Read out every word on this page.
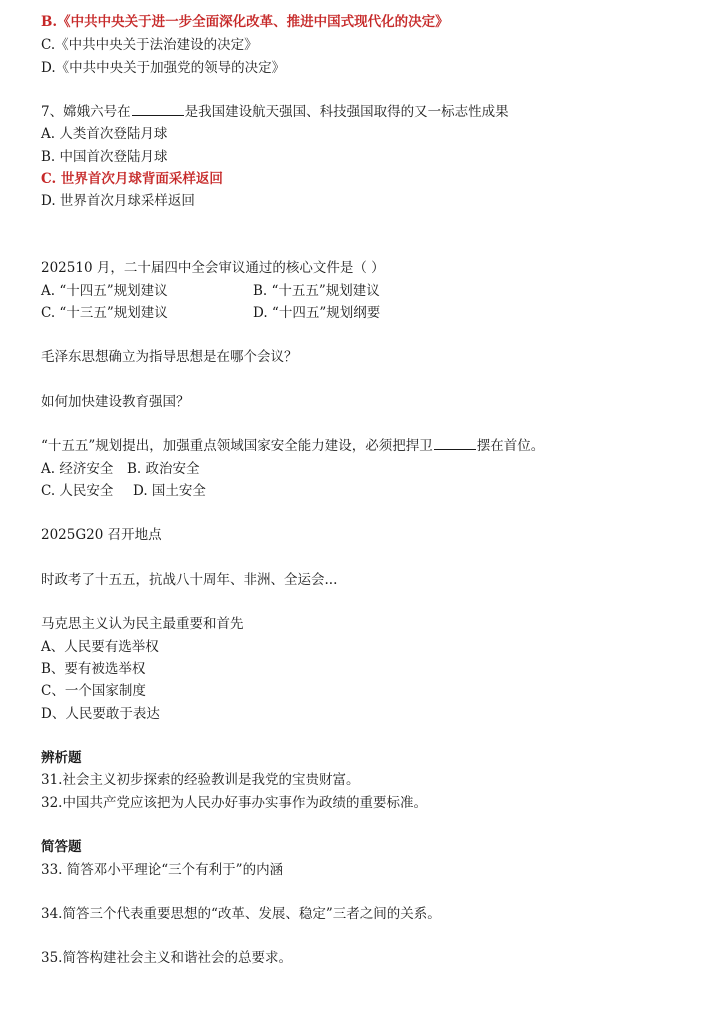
B.《中共中央关于进一步全面深化改革、推进中国式现代化的决定》
C.《中共中央关于法治建设的决定》
D.《中共中央关于加强党的领导的决定》
7、嫦娥六号在	是我国建设航天强国、科技强国取得的又一标志性成果
A. 人类首次登陆月球
B. 中国首次登陆月球
C. 世界首次月球背面采样返回
D. 世界首次月球采样返回
202510 月，二十届四中全会审议通过的核心文件是（ ）
A. “十四五”规划建议	B. “十五五”规划建议
C. “十三五”规划建议	D. “十四五”规划纲要
毛泽东思想确立为指导思想是在哪个会议？
如何加快建设教育强国？
“十五五”规划提出，加强重点领域国家安全能力建设，必须把捍卫	摆在首位。
A. 经济安全 B. 政治安全
C. 人民安全 D. 国土安全
2025G20 召开地点
时政考了十五五，抗战八十周年、非洲、全运会...
马克思主义认为民主最重要和首先
A、人民要有选举权
B、要有被选举权
C、一个国家制度
D、人民要敢于表达
辨析题
31.社会主义初步探索的经验教训是我党的宝贵财富。
32.中国共产党应该把为人民办好事办实事作为政绩的重要标准。
简答题
33. 简答邓小平理论“三个有利于”的内涵
34.简答三个代表重要思想的“改革、发展、稳定”三者之间的关系。
35.简答构建社会主义和谐社会的总要求。
